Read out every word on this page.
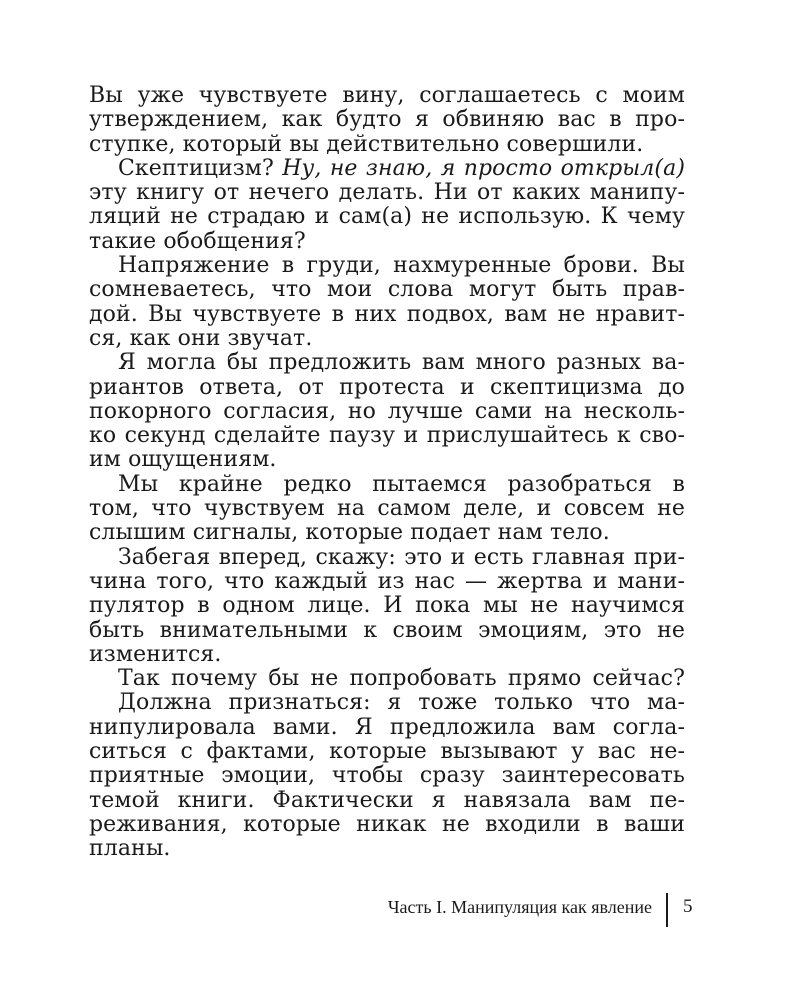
Вы уже чувствуете вину, соглашаетесь с моим
утверждением, как будто я обвиняю вас в про-
ступке, который вы действительно совершили.
Скептицизм? Ну, не знаю, я просто открыл(а)
эту книгу от нечего делать. Ни от каких манипу-
ляций не страдаю и сам(а) не использую. К чему
такие обобщения?
Напряжение в груди, нахмуренные брови. Вы
сомневаетесь, что мои слова могут быть прав-
дой. Вы чувствуете в них подвох, вам не нравит-
ся, как они звучат.
Я могла бы предложить вам много разных ва-
риантов ответа, от протеста и скептицизма до
покорного согласия, но лучше сами на несколь-
ко секунд сделайте паузу и прислушайтесь к сво-
им ощущениям.
Мы крайне редко пытаемся разобраться в
том, что чувствуем на самом деле, и совсем не
слышим сигналы, которые подает нам тело.
Забегая вперед, скажу: это и есть главная при-
чина того, что каждый из нас — жертва и мани-
пулятор в одном лице. И пока мы не научимся
быть внимательными к своим эмоциям, это не
изменится.
Так почему бы не попробовать прямо сейчас?
Должна признаться: я тоже только что ма-
нипулировала вами. Я предложила вам согла-
ситься с фактами, которые вызывают у вас не-
приятные эмоции, чтобы сразу заинтересовать
темой книги. Фактически я навязала вам пе-
реживания, которые никак не входили в ваши
планы.
Часть I. Манипуляция как явление 5
